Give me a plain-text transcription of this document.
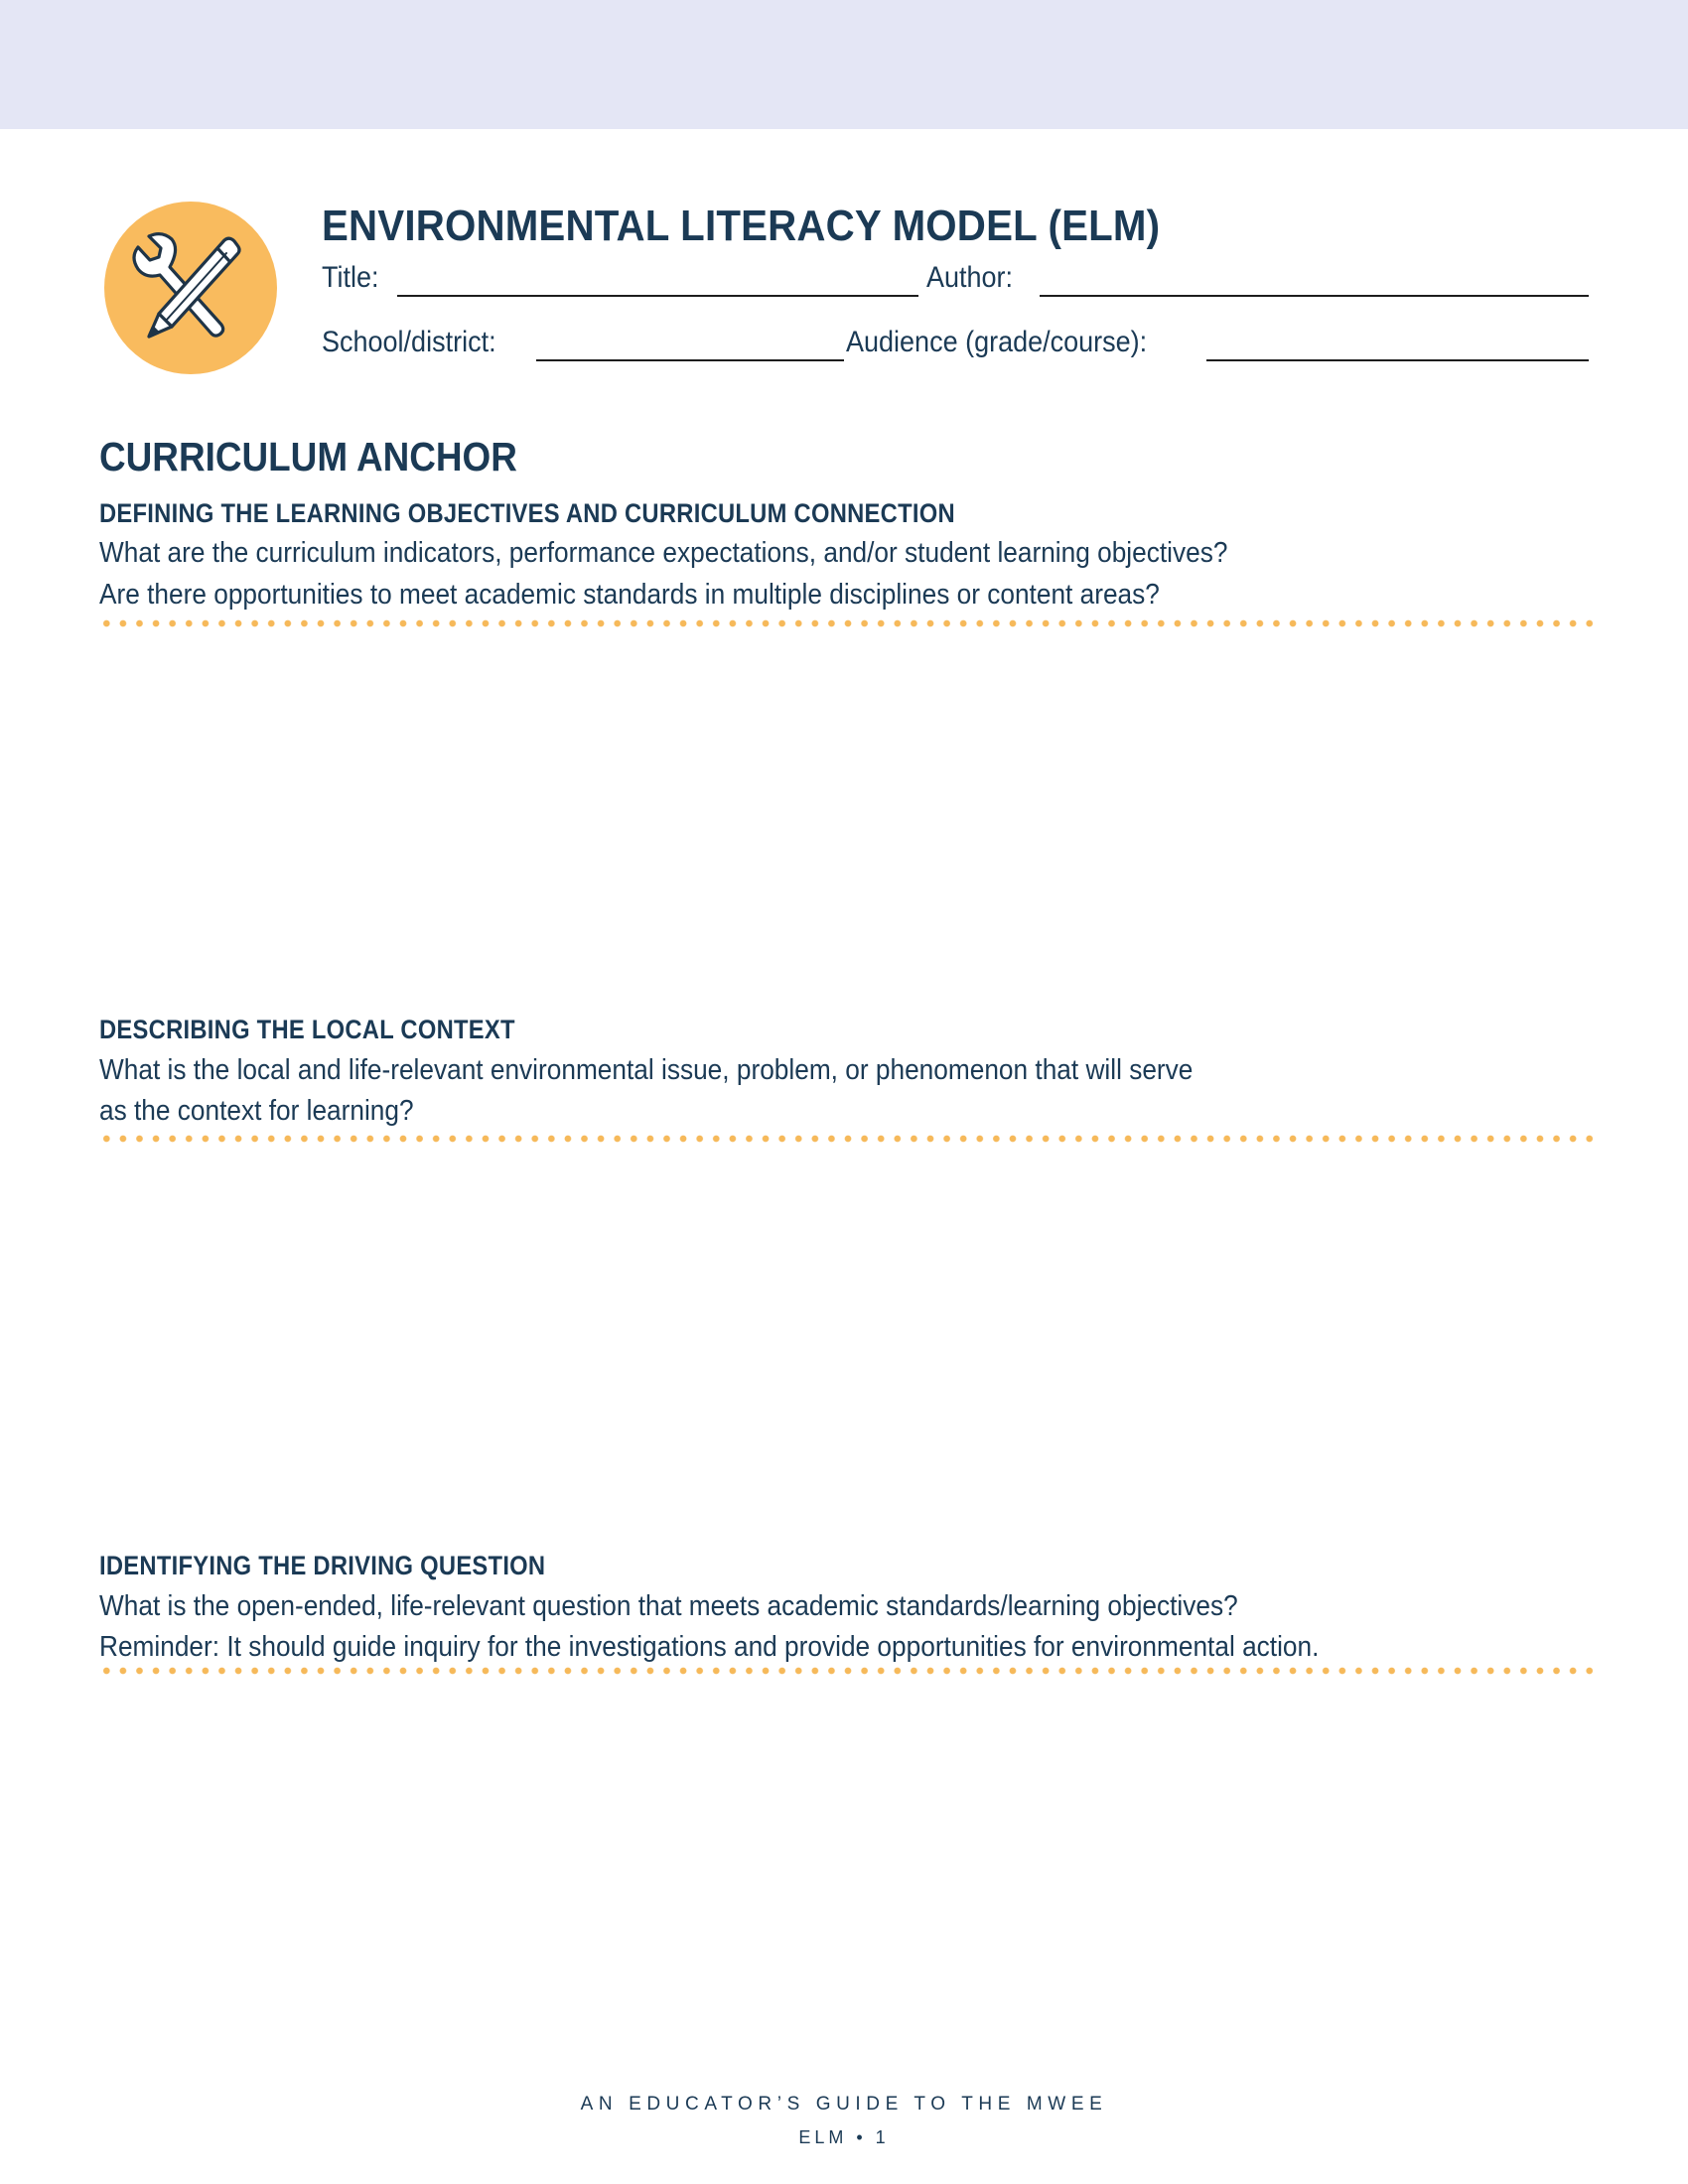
ENVIRONMENTAL LITERACY MODEL (ELM)
Title:	Author:
School/district:	Audience (grade/course):
CURRICULUM ANCHOR
DEFINING THE LEARNING OBJECTIVES AND CURRICULUM CONNECTION
What are the curriculum indicators, performance expectations, and/or student learning objectives?
Are there opportunities to meet academic standards in multiple disciplines or content areas?
DESCRIBING THE LOCAL CONTEXT
What is the local and life-relevant environmental issue, problem, or phenomenon that will serve
as the context for learning?
IDENTIFYING THE DRIVING QUESTION
What is the open-ended, life-relevant question that meets academic standards/learning objectives?
Reminder: It should guide inquiry for the investigations and provide opportunities for environmental action.
AN EDUCATOR’S GUIDE TO THE MWEE
ELM • 1
